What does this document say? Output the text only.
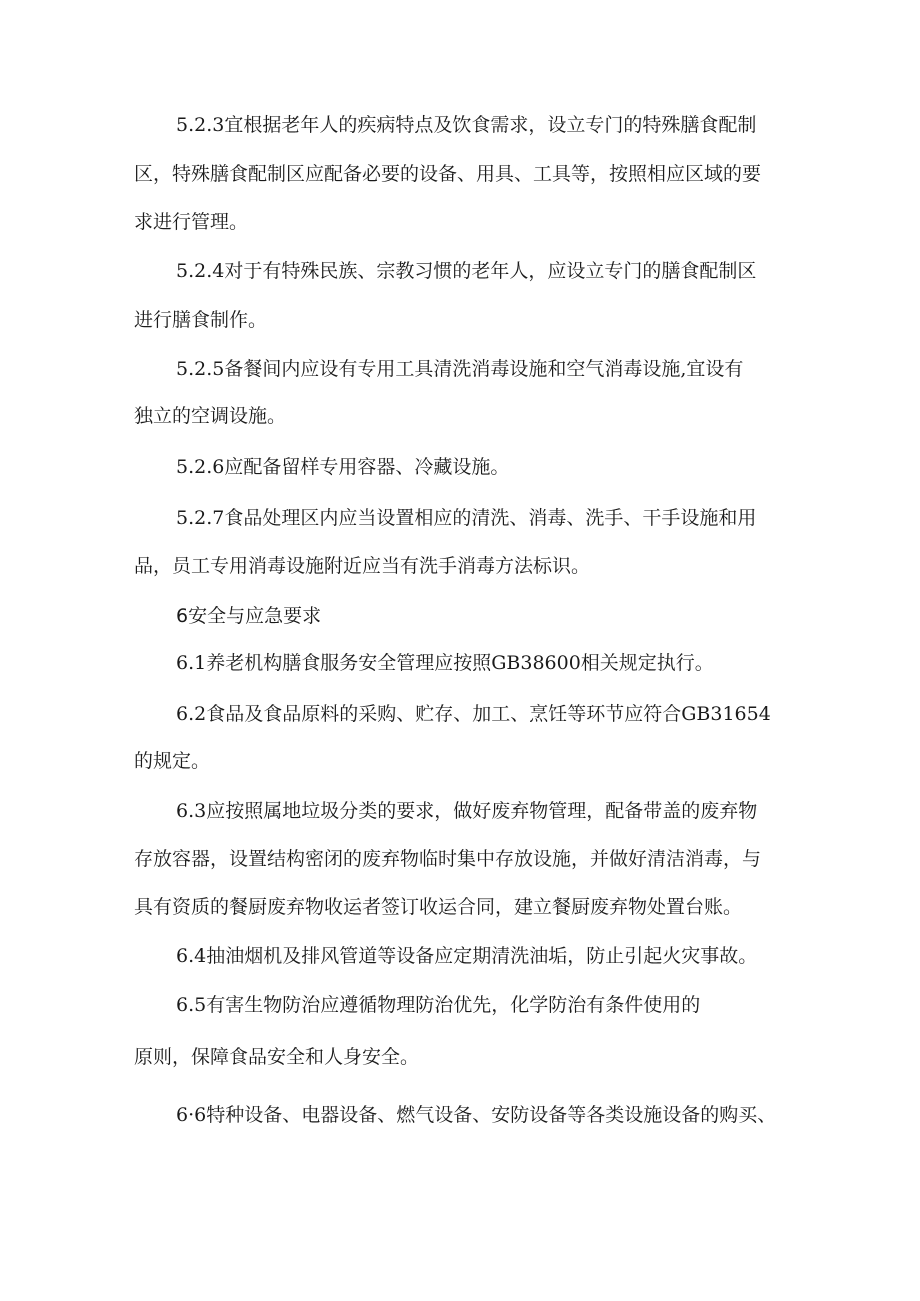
5.2.3宜根据老年人的疾病特点及饮食需求，设立专门的特殊膳食配制
区，特殊膳食配制区应配备必要的设备、用具、工具等，按照相应区域的要
求进行管理。
5.2.4对于有特殊民族、宗教习惯的老年人，应设立专门的膳食配制区
进行膳食制作。
5.2.5备餐间内应设有专用工具清洗消毒设施和空气消毒设施,宜设有
独立的空调设施。
5.2.6应配备留样专用容器、冷藏设施。
5.2.7食品处理区内应当设置相应的清洗、消毒、洗手、干手设施和用
品，员工专用消毒设施附近应当有洗手消毒方法标识。
6安全与应急要求
6.1养老机构膳食服务安全管理应按照GB38600相关规定执行。
6.2食品及食品原料的采购、贮存、加工、烹饪等环节应符合GB31654
的规定。
6.3应按照属地垃圾分类的要求，做好废弃物管理，配备带盖的废弃物
存放容器，设置结构密闭的废弃物临时集中存放设施，并做好清洁消毒，与
具有资质的餐厨废弃物收运者签订收运合同，建立餐厨废弃物处置台账。
6.4抽油烟机及排风管道等设备应定期清洗油垢，防止引起火灾事故。
6.5有害生物防治应遵循物理防治优先，化学防治有条件使用的
原则，保障食品安全和人身安全。
6·6特种设备、电器设备、燃气设备、安防设备等各类设施设备的购买、
